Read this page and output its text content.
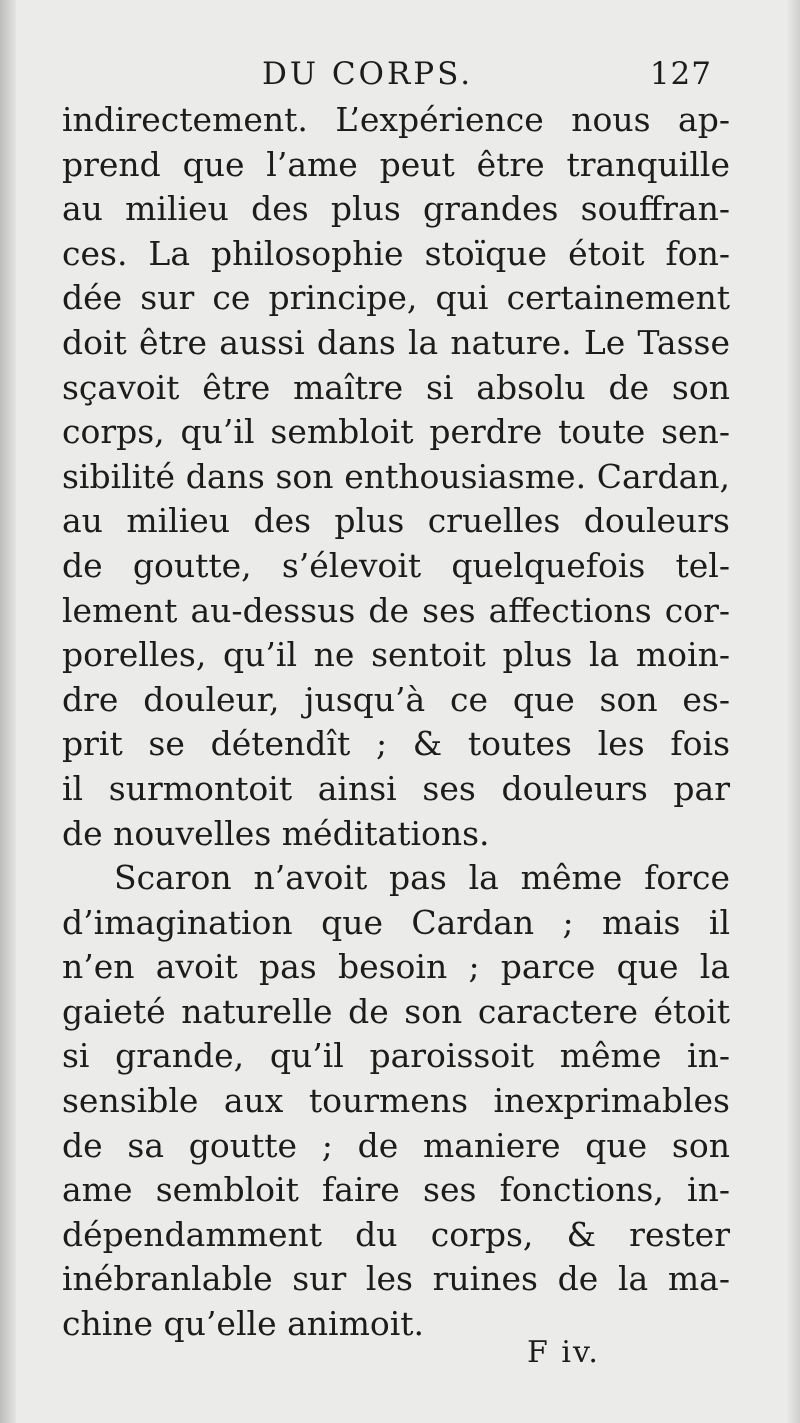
DU CORPS.	127
indirectement. L’expérience nous ap-
prend que l’ame peut être tranquille
au milieu des plus grandes souffran-
ces. La philosophie stoïque étoit fon-
dée sur ce principe, qui certainement
doit être aussi dans la nature. Le Tasse
sçavoit être maître si absolu de son
corps, qu’il sembloit perdre toute sen-
sibilité dans son enthousiasme. Cardan,
au milieu des plus cruelles douleurs
de goutte, s’élevoit quelquefois tel-
lement au-dessus de ses affections cor-
porelles, qu’il ne sentoit plus la moin-
dre douleur, jusqu’à ce que son es-
prit se détendît ; & toutes les fois
il surmontoit ainsi ses douleurs par
de nouvelles méditations.
Scaron n’avoit pas la même force
d’imagination que Cardan ; mais il
n’en avoit pas besoin ; parce que la
gaieté naturelle de son caractere étoit
si grande, qu’il paroissoit même in-
sensible aux tourmens inexprimables
de sa goutte ; de maniere que son
ame sembloit faire ses fonctions, in-
dépendamment du corps, & rester
inébranlable sur les ruines de la ma-
chine qu’elle animoit.
F iv.
